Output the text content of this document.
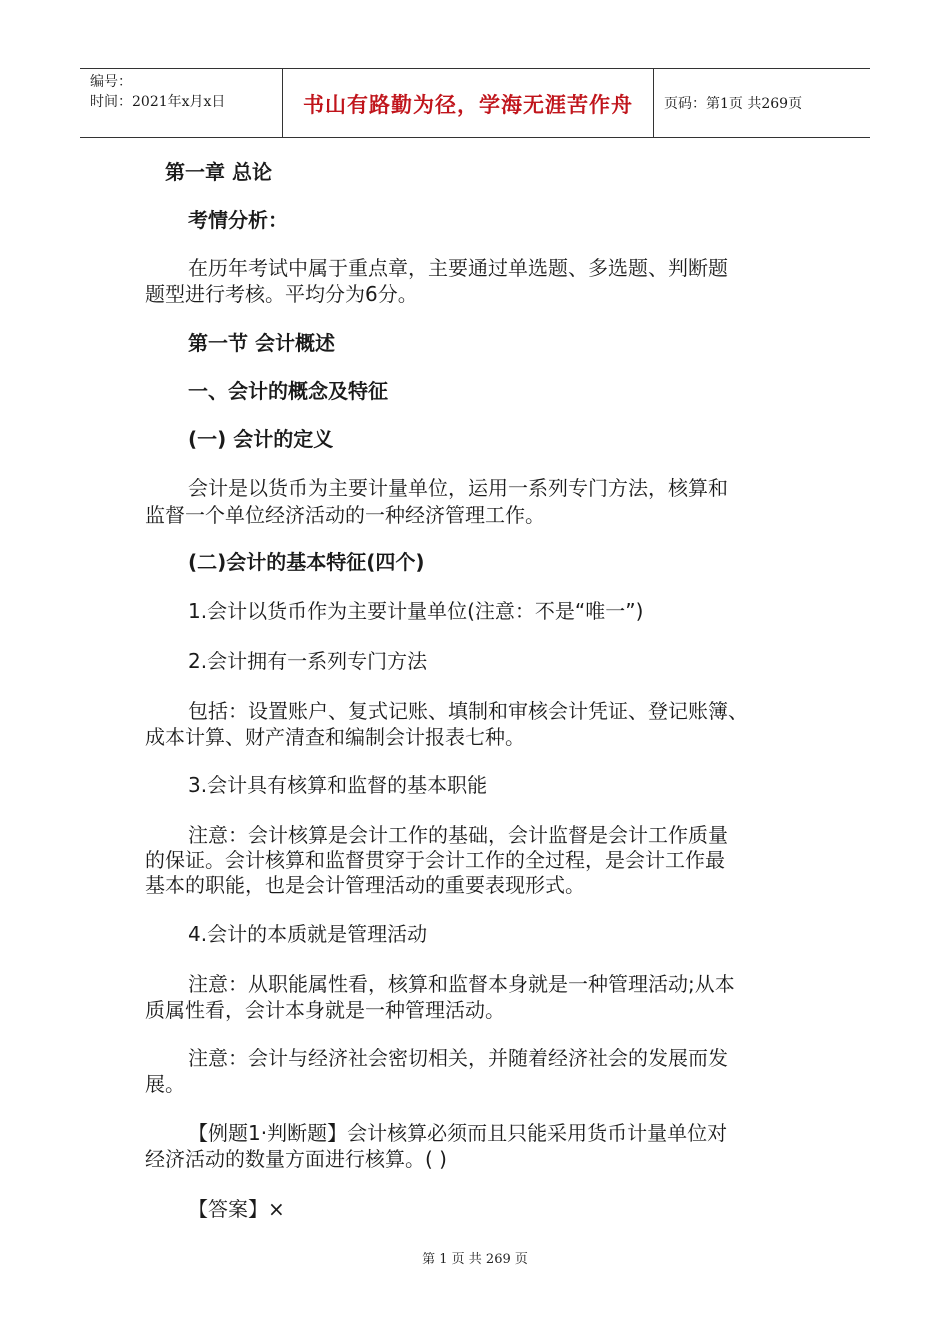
编号：
时间：2021年x月x日	书山有路勤为径，学海无涯苦作舟	页码：第1页 共269页

第一章 总论

考情分析：

在历年考试中属于重点章，主要通过单选题、多选题、判断题

题型进行考核。平均分为6分。

第一节 会计概述

一、会计的概念及特征

(一) 会计的定义

会计是以货币为主要计量单位，运用一系列专门方法，核算和

监督一个单位经济活动的一种经济管理工作。

(二)会计的基本特征(四个)

1.会计以货币作为主要计量单位(注意：不是“唯一”)

2.会计拥有一系列专门方法

包括：设置账户、复式记账、填制和审核会计凭证、登记账簿、

成本计算、财产清查和编制会计报表七种。

3.会计具有核算和监督的基本职能

注意：会计核算是会计工作的基础，会计监督是会计工作质量

的保证。会计核算和监督贯穿于会计工作的全过程，是会计工作最

基本的职能，也是会计管理活动的重要表现形式。

4.会计的本质就是管理活动

注意：从职能属性看，核算和监督本身就是一种管理活动;从本

质属性看，会计本身就是一种管理活动。

注意：会计与经济社会密切相关，并随着经济社会的发展而发

展。

【例题1·判断题】会计核算必须而且只能采用货币计量单位对

经济活动的数量方面进行核算。( )

【答案】×

第 1 页 共 269 页
